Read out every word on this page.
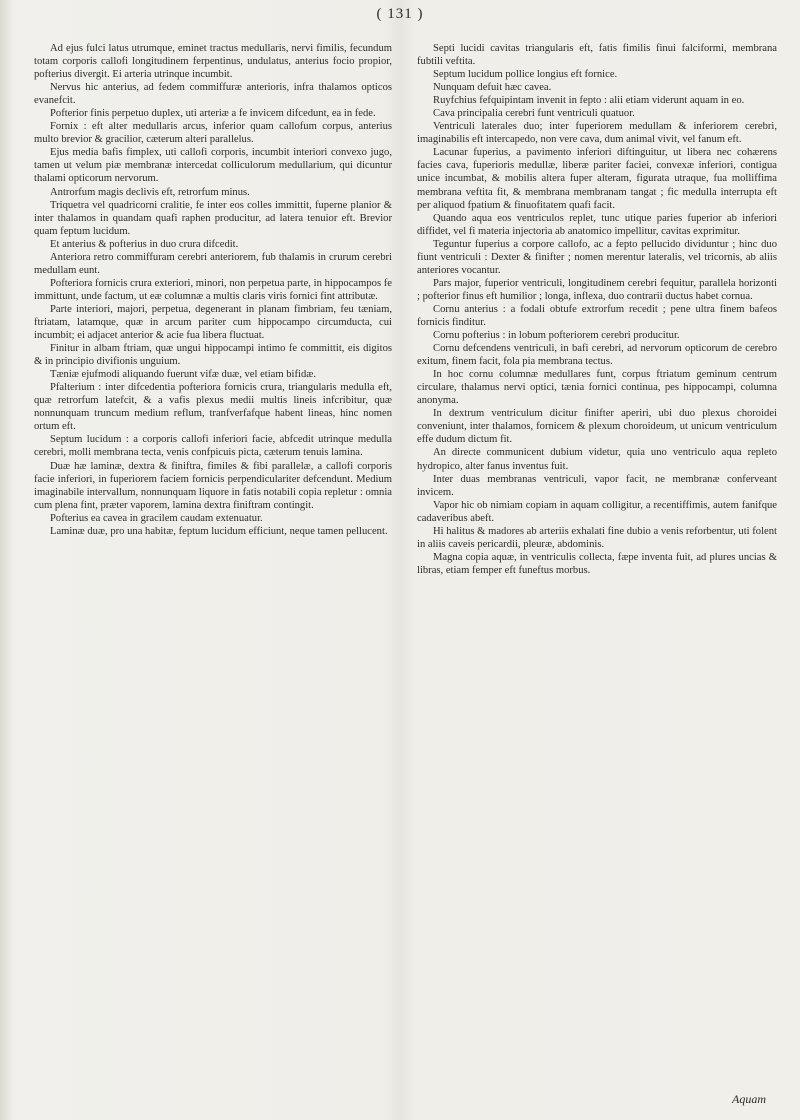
( 131 )

Ad ejus fulci latus utrumque, eminet tractus medullaris, nervi fimilis, fecundum totam corporis callofi longitudinem ferpentinus, undulatus, anterius focio propior, pofterius divergit. Ei arteria utrinque incumbit.

Nervus hic anterius, ad fedem commiffuræ anterioris, infra thalamos opticos evanefcit.

Pofterior finis perpetuo duplex, uti arteriæ a fe invicem difcedunt, ea in fede.

Fornix : eft alter medullaris arcus, inferior quam callofum corpus, anterius multo brevior & gracilior, cæterum alteri parallelus.

Ejus media bafis fimplex, uti callofi corporis, incumbit interiori convexo jugo, tamen ut velum piæ membranæ intercedat colliculorum medullarium, qui dicuntur thalami opticorum nervorum.

Antrorfum magis declivis eft, retrorfum minus.

Triquetra vel quadricorni cralitie, fe inter eos colles immittit, fuperne planior & inter thalamos in quandam quafi raphen producitur, ad latera tenuior eft. Brevior quam feptum lucidum.

Et anterius & pofterius in duo crura difcedit.

Anteriora retro commiffuram cerebri anteriorem, fub thalamis in crurum cerebri medullam eunt.

Pofteriora fornicis crura exteriori, minori, non perpetua parte, in hippocampos fe immittunt, unde factum, ut eæ columnæ a multis claris viris fornici fint attributæ.

Parte interiori, majori, perpetua, degenerant in planam fimbriam, feu tæniam, ftriatam, latamque, quæ in arcum pariter cum hippocampo circumducta, cui incumbit; ei adjacet anterior & acie fua libera fluctuat.

Finitur in albam ftriam, quæ ungui hippocampi intimo fe committit, eis digitos & in principio divifionis unguium.

Tæniæ ejufmodi aliquando fuerunt vifæ duæ, vel etiam bifidæ.

Pfalterium : inter difcedentia pofteriora fornicis crura, triangularis medulla eft, quæ retrorfum latefcit, & a vafis plexus medii multis lineis infcribitur, quæ nonnunquam truncum medium reflum, tranfverfafque habent lineas, hinc nomen ortum eft.

Septum lucidum : a corporis callofi inferiori facie, abfcedit utrinque medulla cerebri, molli membrana tecta, venis confpicuis picta, cæterum tenuis lamina.

Duæ hæ laminæ, dextra & finiftra, fimiles & fibi parallelæ, a callofi corporis facie inferiori, in fuperiorem faciem fornicis perpendiculariter defcendunt. Medium imaginabile intervallum, nonnunquam liquore in fatis notabili copia repletur : omnia cum plena fint, præter vaporem, lamina dextra finiftram contingit.

Pofterius ea cavea in gracilem caudam extenuatur.

Laminæ duæ, pro una habitæ, feptum lucidum efficiunt, neque tamen pellucent.

Septi lucidi cavitas triangularis eft, fatis fimilis finui falciformi, membrana fubtili veftita.

Septum lucidum pollice longius eft fornice.

Nunquam defuit hæc cavea.

Ruyfchius fefquipintam invenit in fepto : alii etiam viderunt aquam in eo.

Cava principalia cerebri funt ventriculi quatuor.

Ventriculi laterales duo; inter fuperiorem medullam & inferiorem cerebri, imaginabilis eft intercapedo, non vere cava, dum animal vivit, vel fanum eft.

Lacunar fuperius, a pavimento inferiori diftinguitur, ut libera nec cohærens facies cava, fuperioris medullæ, liberæ pariter faciei, convexæ inferiori, contigua unice incumbat, & mobilis altera fuper alteram, figurata utraque, fua molliffima membrana veftita fit, & membrana membranam tangat ; fic medulla interrupta eft per aliquod fpatium & finuofitatem quafi facit.

Quando aqua eos ventriculos replet, tunc utique paries fuperior ab inferiori diffidet, vel fi materia injectoria ab anatomico impellitur, cavitas exprimitur.

Teguntur fuperius a corpore callofo, ac a fepto pellucido dividuntur ; hinc duo fiunt ventriculi : Dexter & finifter ; nomen merentur lateralis, vel tricornis, ab aliis anteriores vocantur.

Pars major, fuperior ventriculi, longitudinem cerebri fequitur, parallela horizonti ; pofterior finus eft humilior ; longa, inflexa, duo contrarii ductus habet cornua.

Cornu anterius : a fodali obtufe extrorfum recedit ; pene ultra finem bafeos fornicis finditur.

Cornu pofterius : in lobum pofteriorem cerebri producitur.

Cornu defcendens ventriculi, in bafi cerebri, ad nervorum opticorum de cerebro exitum, finem facit, fola pia membrana tectus.

In hoc cornu columnæ medullares funt, corpus ftriatum geminum centrum circulare, thalamus nervi optici, tænia fornici continua, pes hippocampi, columna anonyma.

In dextrum ventriculum dicitur finifter aperiri, ubi duo plexus choroidei conveniunt, inter thalamos, fornicem & plexum choroideum, ut unicum ventriculum effe dudum dictum fit.

An directe communicent dubium videtur, quia uno ventriculo aqua repleto hydropico, alter fanus inventus fuit.

Inter duas membranas ventriculi, vapor facit, ne membranæ conferveant invicem.

Vapor hic ob nimiam copiam in aquam colligitur, a recentiffimis, autem fanifque cadaveribus abeft.

Hi halitus & madores ab arteriis exhalati fine dubio a venis reforbentur, uti folent in aliis caveis pericardii, pleuræ, abdominis.

Magna copia aquæ, in ventriculis collecta, fæpe inventa fuit, ad plures uncias & libras, etiam femper eft funeftus morbus.

Aquam
